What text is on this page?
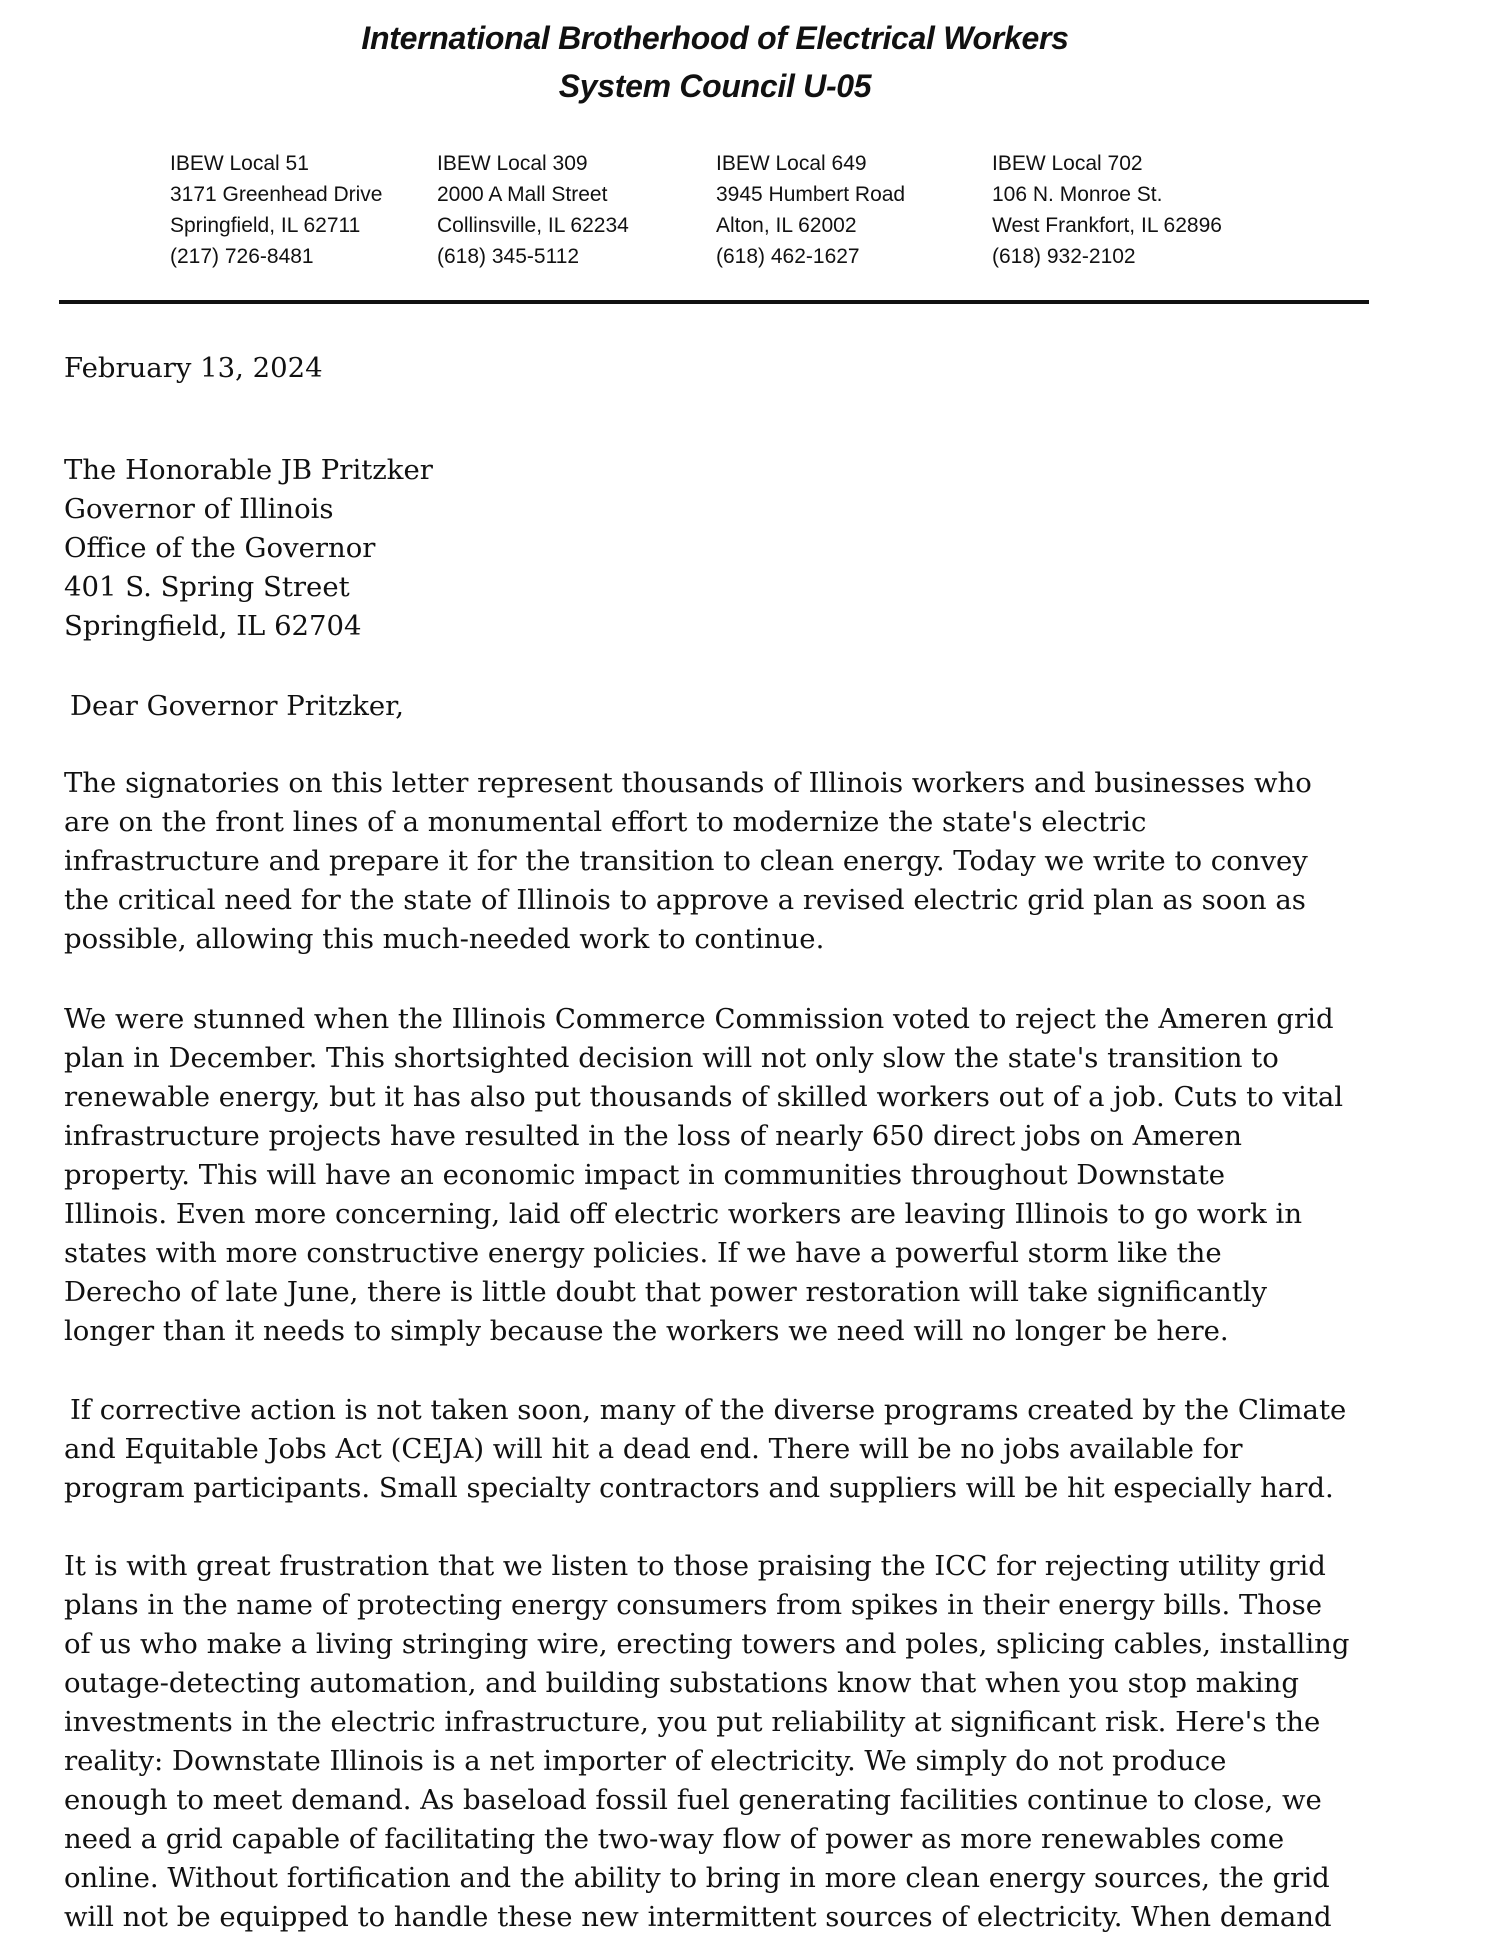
International Brotherhood of Electrical Workers
System Council U-05
IBEW Local 51
3171 Greenhead Drive
Springfield, IL 62711
(217) 726-8481
IBEW Local 309
2000 A Mall Street
Collinsville, IL 62234
(618) 345-5112
IBEW Local 649
3945 Humbert Road
Alton, IL 62002
(618) 462-1627
IBEW Local 702
106 N. Monroe St.
West Frankfort, IL 62896
(618) 932-2102
February 13, 2024
The Honorable JB Pritzker
Governor of Illinois
Office of the Governor
401 S. Spring Street
Springfield, IL 62704
Dear Governor Pritzker,
The signatories on this letter represent thousands of Illinois workers and businesses who
are on the front lines of a monumental effort to modernize the state's electric
infrastructure and prepare it for the transition to clean energy. Today we write to convey
the critical need for the state of Illinois to approve a revised electric grid plan as soon as
possible, allowing this much-needed work to continue.
We were stunned when the Illinois Commerce Commission voted to reject the Ameren grid
plan in December. This shortsighted decision will not only slow the state's transition to
renewable energy, but it has also put thousands of skilled workers out of a job. Cuts to vital
infrastructure projects have resulted in the loss of nearly 650 direct jobs on Ameren
property. This will have an economic impact in communities throughout Downstate
Illinois. Even more concerning, laid off electric workers are leaving Illinois to go work in
states with more constructive energy policies. If we have a powerful storm like the
Derecho of late June, there is little doubt that power restoration will take significantly
longer than it needs to simply because the workers we need will no longer be here.
If corrective action is not taken soon, many of the diverse programs created by the Climate
and Equitable Jobs Act (CEJA) will hit a dead end. There will be no jobs available for
program participants. Small specialty contractors and suppliers will be hit especially hard.
It is with great frustration that we listen to those praising the ICC for rejecting utility grid
plans in the name of protecting energy consumers from spikes in their energy bills. Those
of us who make a living stringing wire, erecting towers and poles, splicing cables, installing
outage-detecting automation, and building substations know that when you stop making
investments in the electric infrastructure, you put reliability at significant risk. Here's the
reality: Downstate Illinois is a net importer of electricity. We simply do not produce
enough to meet demand. As baseload fossil fuel generating facilities continue to close, we
need a grid capable of facilitating the two-way flow of power as more renewables come
online. Without fortification and the ability to bring in more clean energy sources, the grid
will not be equipped to handle these new intermittent sources of electricity. When demand
